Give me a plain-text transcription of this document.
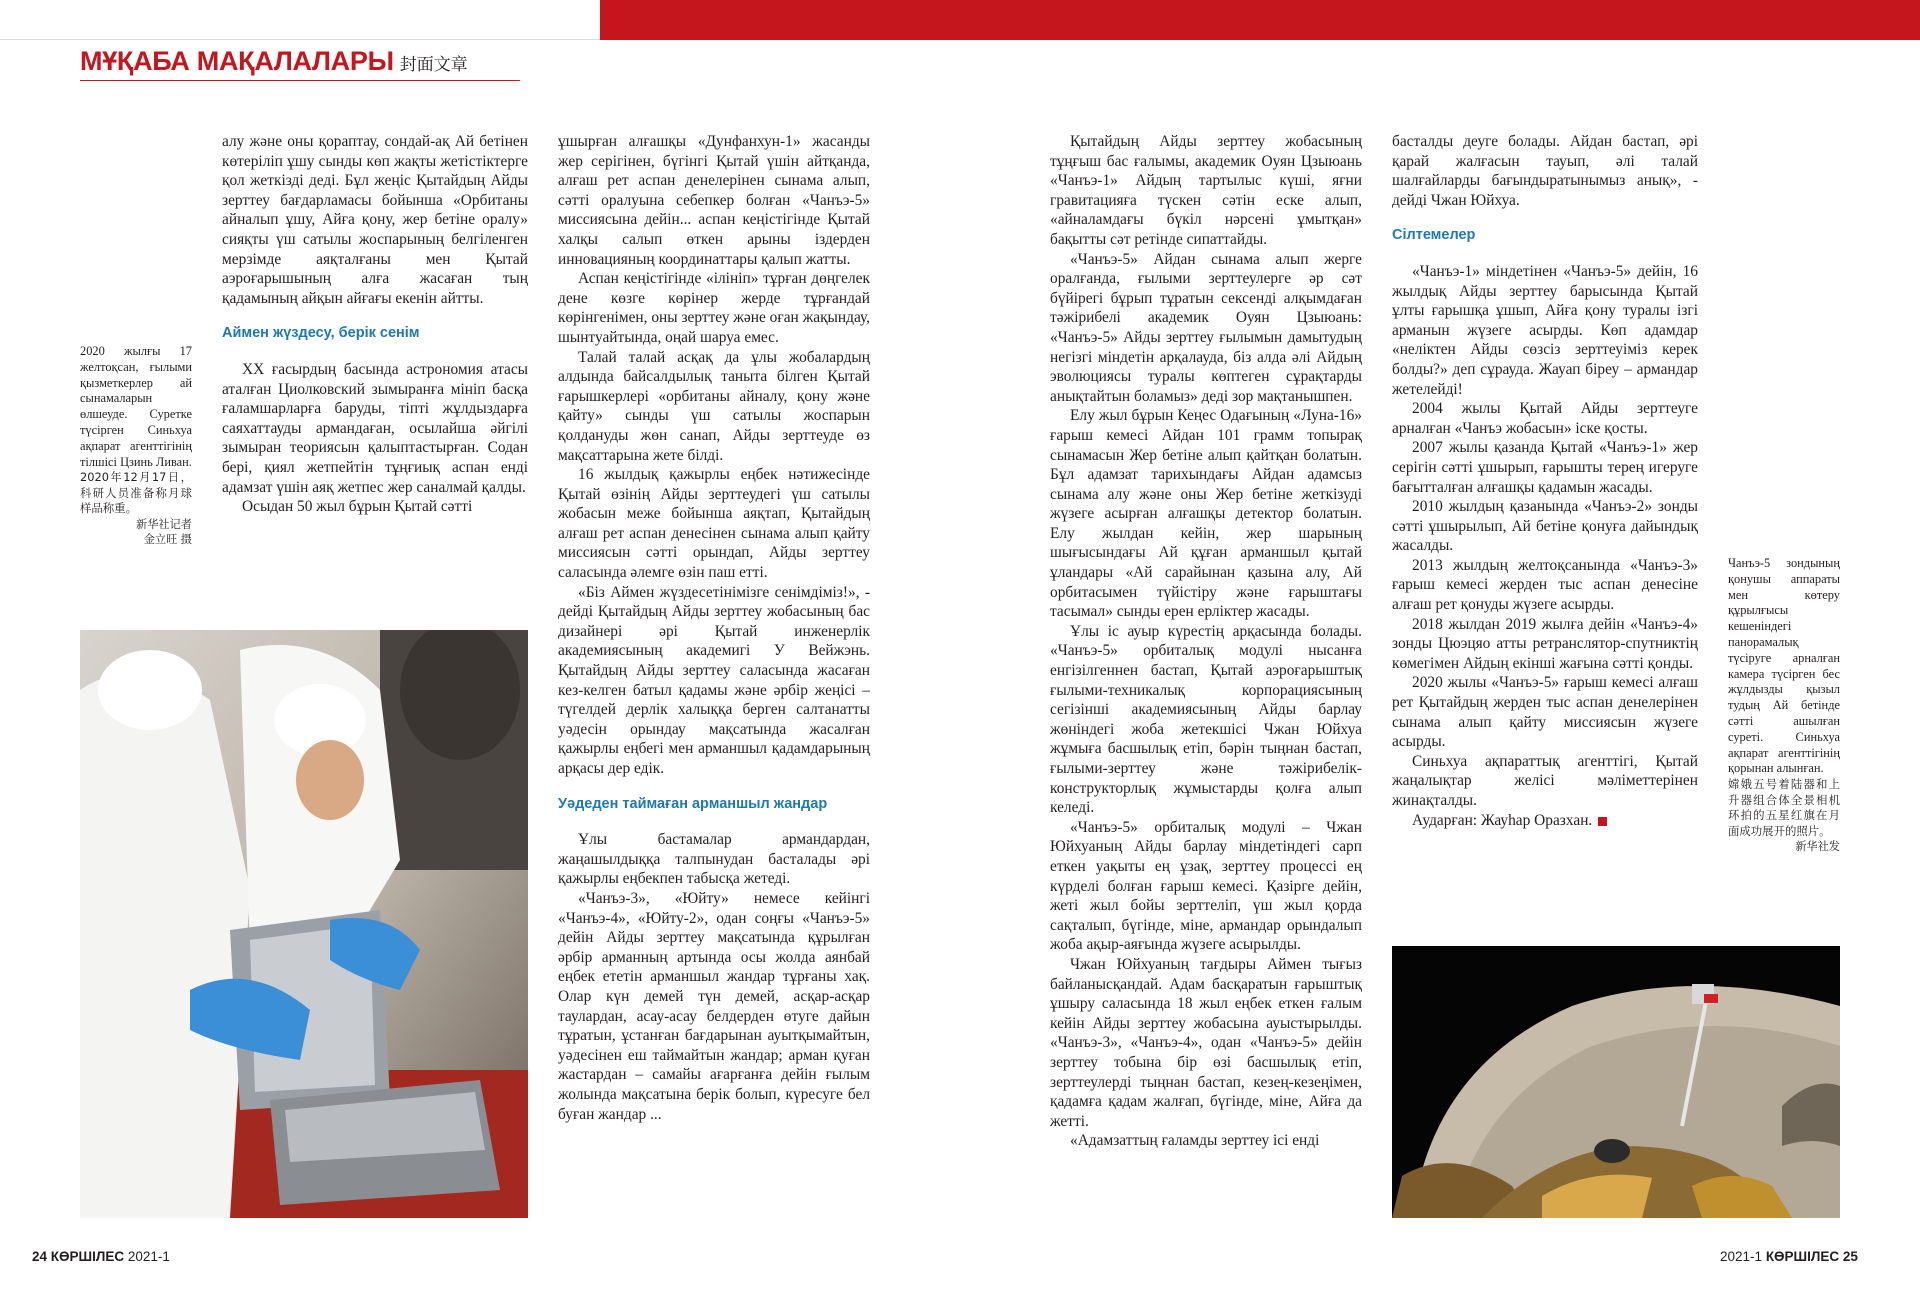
МҰҚАБА МАҚАЛАЛАРЫ 封面文章

алу және оны қораптау, сондай-ақ Ай бетінен көтеріліп ұшу сынды көп жақты жетістіктерге қол жеткізді деді. Бұл жеңіс Қытайдың Айды зерттеу бағдарламасы бойынша «Орбитаны айналып ұшу, Айға қону, жер бетіне оралу» сияқты үш сатылы жоспарының белгіленген мерзімде аяқталғаны мен Қытай аэроғарышының алға жасаған тың қадамының айқын айғағы екенін айтты.

Аймен жүздесу, берік сенім

XX ғасырдың басында астрономия атасы аталған Циолковский зымыранға мініп басқа ғаламшарларға баруды, тіпті жұлдыздарға саяхаттауды армандаған, осылайша әйгілі зымыран теориясын қалыптастырған. Содан бері, қиял жетпейтін тұңғиық аспан енді адамзат үшін аяқ жетпес жер саналмай қалды.

Осыдан 50 жыл бұрын Қытай сәтті

2020 жылғы 17 желтоқсан, ғылыми қызметкерлер ай сынамаларын өлшеуде. Суретке түсірген Синьхуа ақпарат агенттігінің тілшісі Цзинь Ливан.

2020年12月17日，科研人员准备称月球样品称重。

新华社记者

金立旺 摄

ұшырған алғашқы «Дунфанхун-1» жасанды жер серігінен, бүгінгі Қытай үшін айтқанда, алғаш рет аспан денелерінен сынама алып, сәтті оралуына себепкер болған «Чанъэ-5» миссиясына дейін... аспан кеңістігінде Қытай халқы салып өткен арыны іздерден инновацияның координаттары қалып жатты.

Аспан кеңістігінде «ілініп» тұрған дөңгелек дене көзге көрінер жерде тұрғандай көрінгенімен, оны зерттеу және оған жақындау, шынтуайтында, оңай шаруа емес.

Талай талай асқақ да ұлы жобалардың алдында байсалдылық таныта білген Қытай ғарышкерлері «орбитаны айналу, қону және қайту» сынды үш сатылы жоспарын қолдануды жөн санап, Айды зерттеуде өз мақсаттарына жете білді.

16 жылдық қажырлы еңбек нәтижесінде Қытай өзінің Айды зерттеудегі үш сатылы жобасын меже бойынша аяқтап, Қытайдың алғаш рет аспан денесінен сынама алып қайту миссиясын сәтті орындап, Айды зерттеу саласында әлемге өзін паш етті.

«Біз Аймен жүздесетінімізге сенімдіміз!», - дейді Қытайдың Айды зерттеу жобасының бас дизайнері әрі Қытай инженерлік академиясының академигі У Вейжэнь. Қытайдың Айды зерттеу саласында жасаған кез-келген батыл қадамы және әрбір жеңісі – түгелдей дерлік халыққа берген салтанатты уәдесін орындау мақсатында жасалған қажырлы еңбегі мен арманшыл қадамдарының арқасы дер едік.

Уәдеден таймаған арманшыл жандар

Ұлы бастамалар армандардан, жаңашылдыққа талпынудан басталады әрі қажырлы еңбекпен табысқа жетеді.

«Чанъэ-3», «Юйту» немесе кейінгі «Чанъэ-4», «Юйту-2», одан соңғы «Чанъэ-5» дейін Айды зерттеу мақсатында құрылған әрбір арманның артында осы жолда аянбай еңбек ететін арманшыл жандар тұрғаны хақ. Олар күн демей түн демей, асқар-асқар таулардан, асау-асау белдерден өтуге дайын тұратын, ұстанған бағдарынан ауытқымайтын, уәдесінен еш таймайтын жандар; арман қуған жастардан – самайы ағарғанға дейін ғылым жолында мақсатына берік болып, күресуге бел буған жандар ...

Қытайдың Айды зерттеу жобасының тұңғыш бас ғалымы, академик Оуян Цзыюань «Чанъэ-1» Айдың тартылыс күші, яғни гравитацияға түскен сәтін еске алып, «айналамдағы бүкіл нәрсені ұмытқан» бақытты сәт ретінде сипаттайды.

«Чанъэ-5» Айдан сынама алып жерге оралғанда, ғылыми зерттеулерге әр сәт бүйірегі бұрып тұратын сексенді алқымдаған тәжірибелі академик Оуян Цзыюань: «Чанъэ-5» Айды зерттеу ғылымын дамытудың негізгі міндетін арқалауда, біз алда әлі Айдың эволюциясы туралы көптеген сұрақтарды анықтайтын боламыз» деді зор мақтанышпен.

Елу жыл бұрын Кеңес Одағының «Луна-16» ғарыш кемесі Айдан 101 грамм топырақ сынамасын Жер бетіне алып қайтқан болатын. Бұл адамзат тарихындағы Айдан адамсыз сынама алу және оны Жер бетіне жеткізуді жүзеге асырған алғашқы детектор болатын. Елу жылдан кейін, жер шарының шығысындағы Ай құған арманшыл қытай ұландары «Ай сарайынан қазына алу, Ай орбитасымен түйістіру және ғарыштағы тасымал» сынды ерен ерліктер жасады.

Ұлы іс ауыр күрестің арқасында болады. «Чанъэ-5» орбиталық модулі нысанға енгізілгеннен бастап, Қытай аэроғарыштық ғылыми-техникалық корпорациясының сегізінші академиясының Айды барлау жөніндегі жоба жетекшісі Чжан Юйхуа жұмыға басшылық етіп, бәрін тыңнан бастап, ғылыми-зерттеу және тәжірибелік-конструкторлық жұмыстарды қолға алып келеді.

«Чанъэ-5» орбиталық модулі – Чжан Юйхуаның Айды барлау міндетіндегі сарп еткен уақыты ең ұзақ, зерттеу процессі ең күрделі болған ғарыш кемесі. Қазірге дейін, жеті жыл бойы зерттеліп, үш жыл қорда сақталып, бүгінде, міне, армандар орындалып жоба ақыр-аяғында жүзеге асырылды.

Чжан Юйхуаның тағдыры Аймен тығыз байланысқандай. Адам басқаратын ғарыштық ұшыру саласында 18 жыл еңбек еткен ғалым кейін Айды зерттеу жобасына ауыстырылды. «Чанъэ-3», «Чанъэ-4», одан «Чанъэ-5» дейін зерттеу тобына бір өзі басшылық етіп, зерттеулерді тыңнан бастап, кезең-кезеңімен, қадамға қадам жалғап, бүгінде, міне, Айға да жетті.

«Адамзаттың ғаламды зерттеу ісі енді

басталды деуге болады. Айдан бастап, әрі қарай жалғасын тауып, әлі талай шалғайларды бағындыратынымыз анық», - дейді Чжан Юйхуа.

Сілтемелер

«Чанъэ-1» міндетінен «Чанъэ-5» дейін, 16 жылдық Айды зерттеу барысында Қытай ұлты ғарышқа ұшып, Айға қону туралы ізгі арманын жүзеге асырды. Көп адамдар «неліктен Айды сөзсіз зерттеуіміз керек болды?» деп сұрауда. Жауап біреу – армандар жетелейді!

2004 жылы Қытай Айды зерттеуге арналған «Чанъэ жобасын» іске қосты.

2007 жылы қазанда Қытай «Чанъэ-1» жер серігін сәтті ұшырып, ғарышты терең игеруге бағытталған алғашқы қадамын жасады.

2010 жылдың қазанында «Чанъэ-2» зонды сәтті ұшырылып, Ай бетіне қонуға дайындық жасалды.

2013 жылдың желтоқсанында «Чанъэ-3» ғарыш кемесі жерден тыс аспан денесіне алғаш рет қонуды жүзеге асырды.

2018 жылдан 2019 жылға дейін «Чанъэ-4» зонды Цюэцяо атты ретранслятор-спутниктің көмегімен Айдың екінші жағына сәтті қонды.

2020 жылы «Чанъэ-5» ғарыш кемесі алғаш рет Қытайдың жерден тыс аспан денелерінен сынама алып қайту миссиясын жүзеге асырды.

Синьхуа ақпараттық агенттігі, Қытай жаңалықтар желісі мәліметтерінен жинақталды.

Аударған: Жауһар Оразхан.

Чанъэ-5 зондының қонушы аппараты мен көтеру құрылғысы кешеніндегі панорамалық түсіруге арналған камера түсірген бес жұлдызды қызыл тудың Ай бетінде сәтті ашылған суреті. Синьхуа ақпарат агенттігінің қорынан алынған.

嫦娥五号着陆器和上升器组合体全景相机环拍的五星红旗在月面成功展开的照片。

新华社发

24 КӨРШІЛЕС 2021-1	2021-1 КӨРШІЛЕС 25
